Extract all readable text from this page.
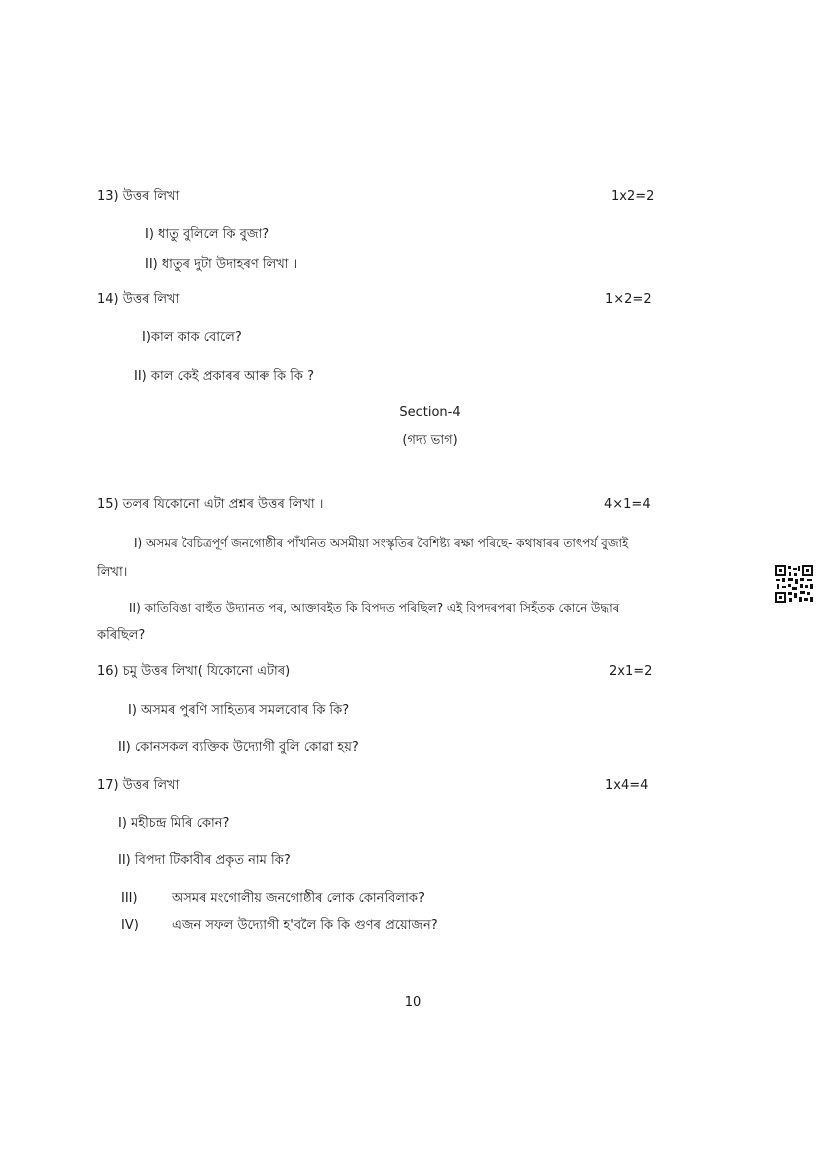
13) উত্তৰ লিখা	1x2=2
I) ধাতু বুলিলে কি বুজা?
II) ধাতুৰ দুটা উদাহৰণ লিখা ।
14) উত্তৰ লিখা	1×2=2
I)কাল কাক বোলে?
II) কাল কেই প্ৰকাৰৰ আৰু কি কি ?
Section-4
(গদ্য ভাগ)
15) তলৰ যিকোনো এটা প্ৰশ্নৰ উত্তৰ লিখা ।	4×1=4
I) অসমৰ বৈচিত্ৰপূৰ্ণ জনগোষ্ঠীৰ পাঁখনিত অসমীয়া সংস্কৃতিৰ বৈশিষ্ট্য ৰক্ষা পৰিছে- কথাষাৰৰ তাৎপৰ্য বুজাই
লিখা।
II) কাতিবিঙা বাহুঁত উদ্যানত পৰ, আক্তাবইত কি বিপদত পৰিছিল? এই বিপদৰপৰা সিহঁতক কোনে উদ্ধাৰ
কৰিছিল?
16) চমু উত্তৰ লিখা( যিকোনো এটাৰ)	2x1=2
I) অসমৰ পুৰণি সাহিত্যৰ সমলবোৰ কি কি?
II) কোনসকল ব্যক্তিক উদ্যোগী বুলি কোৱা হয়?
17) উত্তৰ লিখা	1x4=4
I) মহীচন্দ্ৰ মিৰি কোন?
II) বিপদা টিকাবীৰ প্ৰকৃত নাম কি?
III)	অসমৰ মংগোলীয় জনগোষ্ঠীৰ লোক কোনবিলাক?
IV)	এজন সফল উদ্যোগী হ'বলৈ কি কি গুণৰ প্ৰয়োজন?
10
